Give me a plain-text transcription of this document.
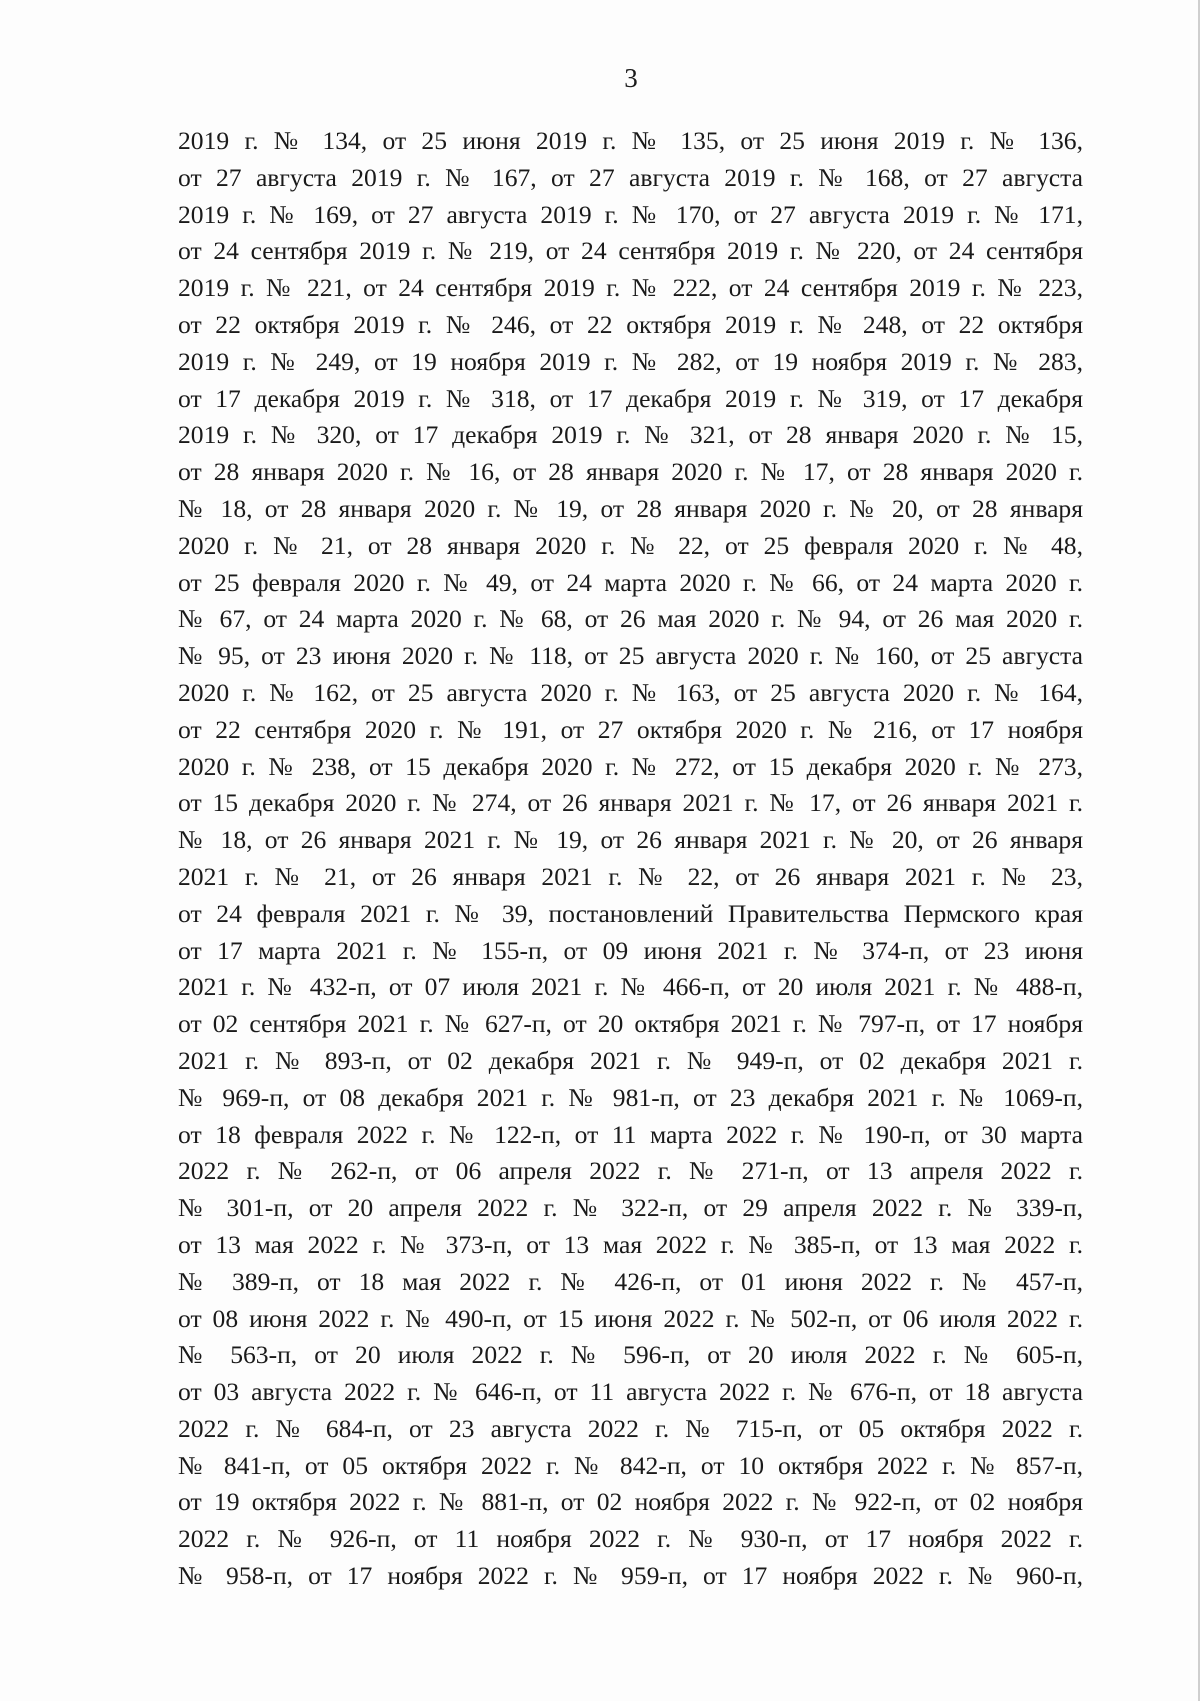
3
2019 г. № 134, от 25 июня 2019 г. № 135, от 25 июня 2019 г. № 136,
от 27 августа 2019 г. № 167, от 27 августа 2019 г. № 168, от 27 августа
2019 г. № 169, от 27 августа 2019 г. № 170, от 27 августа 2019 г. № 171,
от 24 сентября 2019 г. № 219, от 24 сентября 2019 г. № 220, от 24 сентября
2019 г. № 221, от 24 сентября 2019 г. № 222, от 24 сентября 2019 г. № 223,
от 22 октября 2019 г. № 246, от 22 октября 2019 г. № 248, от 22 октября
2019 г. № 249, от 19 ноября 2019 г. № 282, от 19 ноября 2019 г. № 283,
от 17 декабря 2019 г. № 318, от 17 декабря 2019 г. № 319, от 17 декабря
2019 г. № 320, от 17 декабря 2019 г. № 321, от 28 января 2020 г. № 15,
от 28 января 2020 г. № 16, от 28 января 2020 г. № 17, от 28 января 2020 г.
№ 18, от 28 января 2020 г. № 19, от 28 января 2020 г. № 20, от 28 января
2020 г. № 21, от 28 января 2020 г. № 22, от 25 февраля 2020 г. № 48,
от 25 февраля 2020 г. № 49, от 24 марта 2020 г. № 66, от 24 марта 2020 г.
№ 67, от 24 марта 2020 г. № 68, от 26 мая 2020 г. № 94, от 26 мая 2020 г.
№ 95, от 23 июня 2020 г. № 118, от 25 августа 2020 г. № 160, от 25 августа
2020 г. № 162, от 25 августа 2020 г. № 163, от 25 августа 2020 г. № 164,
от 22 сентября 2020 г. № 191, от 27 октября 2020 г. № 216, от 17 ноября
2020 г. № 238, от 15 декабря 2020 г. № 272, от 15 декабря 2020 г. № 273,
от 15 декабря 2020 г. № 274, от 26 января 2021 г. № 17, от 26 января 2021 г.
№ 18, от 26 января 2021 г. № 19, от 26 января 2021 г. № 20, от 26 января
2021 г. № 21, от 26 января 2021 г. № 22, от 26 января 2021 г. № 23,
от 24 февраля 2021 г. № 39, постановлений Правительства Пермского края
от 17 марта 2021 г. № 155-п, от 09 июня 2021 г. № 374-п, от 23 июня
2021 г. № 432-п, от 07 июля 2021 г. № 466-п, от 20 июля 2021 г. № 488-п,
от 02 сентября 2021 г. № 627-п, от 20 октября 2021 г. № 797-п, от 17 ноября
2021 г. № 893-п, от 02 декабря 2021 г. № 949-п, от 02 декабря 2021 г.
№ 969-п, от 08 декабря 2021 г. № 981-п, от 23 декабря 2021 г. № 1069-п,
от 18 февраля 2022 г. № 122-п, от 11 марта 2022 г. № 190-п, от 30 марта
2022 г. № 262-п, от 06 апреля 2022 г. № 271-п, от 13 апреля 2022 г.
№ 301-п, от 20 апреля 2022 г. № 322-п, от 29 апреля 2022 г. № 339-п,
от 13 мая 2022 г. № 373-п, от 13 мая 2022 г. № 385-п, от 13 мая 2022 г.
№ 389-п, от 18 мая 2022 г. № 426-п, от 01 июня 2022 г. № 457-п,
от 08 июня 2022 г. № 490-п, от 15 июня 2022 г. № 502-п, от 06 июля 2022 г.
№ 563-п, от 20 июля 2022 г. № 596-п, от 20 июля 2022 г. № 605-п,
от 03 августа 2022 г. № 646-п, от 11 августа 2022 г. № 676-п, от 18 августа
2022 г. № 684-п, от 23 августа 2022 г. № 715-п, от 05 октября 2022 г.
№ 841-п, от 05 октября 2022 г. № 842-п, от 10 октября 2022 г. № 857-п,
от 19 октября 2022 г. № 881-п, от 02 ноября 2022 г. № 922-п, от 02 ноября
2022 г. № 926-п, от 11 ноября 2022 г. № 930-п, от 17 ноября 2022 г.
№ 958-п, от 17 ноября 2022 г. № 959-п, от 17 ноября 2022 г. № 960-п,
